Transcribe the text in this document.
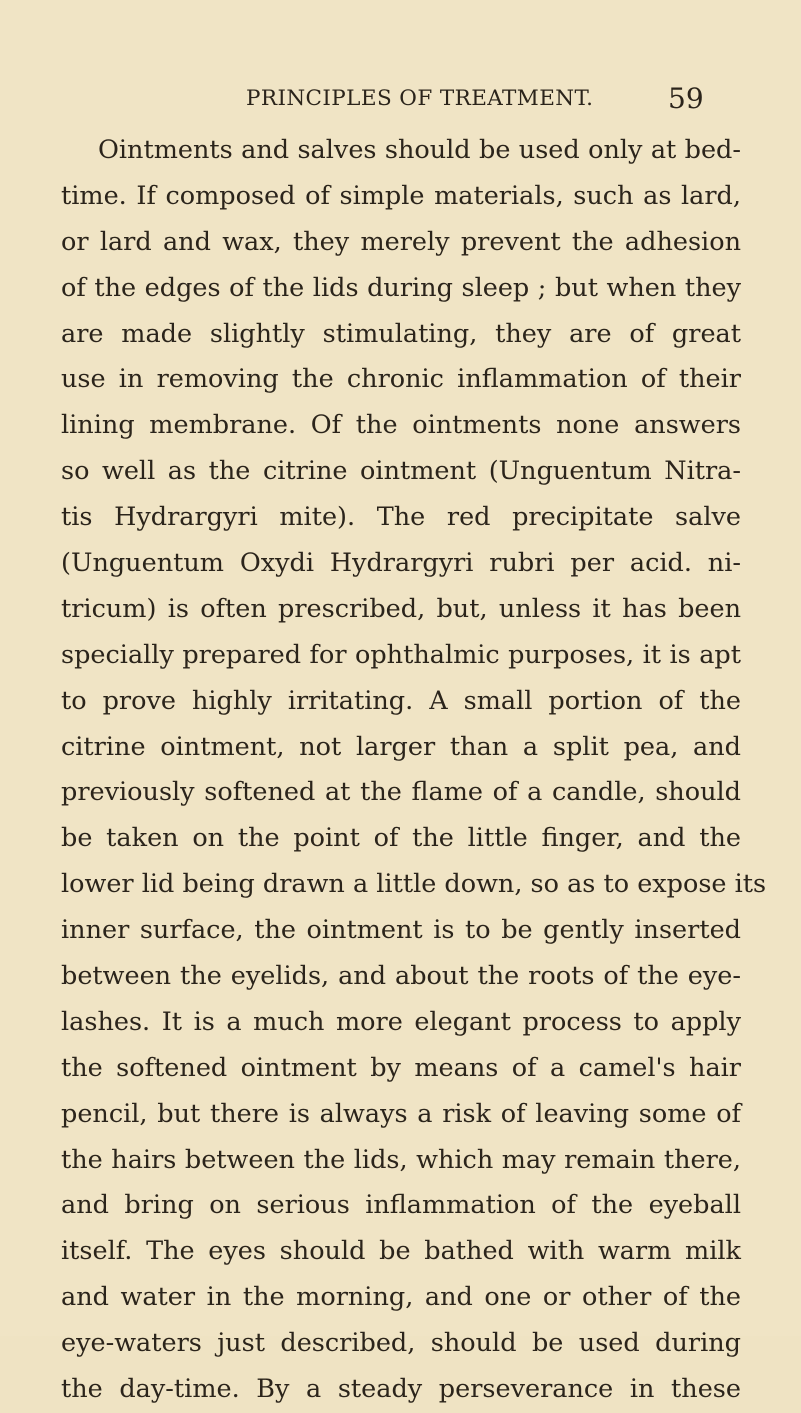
PRINCIPLES OF TREATMENT.	59
Ointments and salves should be used only at bed-
time. If composed of simple materials, such as lard,
or lard and wax, they merely prevent the adhesion
of the edges of the lids during sleep ; but when they
are made slightly stimulating, they are of great
use in removing the chronic inflammation of their
lining membrane. Of the ointments none answers
so well as the citrine ointment (Unguentum Nitra-
tis Hydrargyri mite). The red precipitate salve
(Unguentum Oxydi Hydrargyri rubri per acid. ni-
tricum) is often prescribed, but, unless it has been
specially prepared for ophthalmic purposes, it is apt
to prove highly irritating. A small portion of the
citrine ointment, not larger than a split pea, and
previously softened at the flame of a candle, should
be taken on the point of the little finger, and the
lower lid being drawn a little down, so as to expose its
inner surface, the ointment is to be gently inserted
between the eyelids, and about the roots of the eye-
lashes. It is a much more elegant process to apply
the softened ointment by means of a camel's hair
pencil, but there is always a risk of leaving some of
the hairs between the lids, which may remain there,
and bring on serious inflammation of the eyeball
itself. The eyes should be bathed with warm milk
and water in the morning, and one or other of the
eye-waters just described, should be used during
the day-time. By a steady perseverance in these
